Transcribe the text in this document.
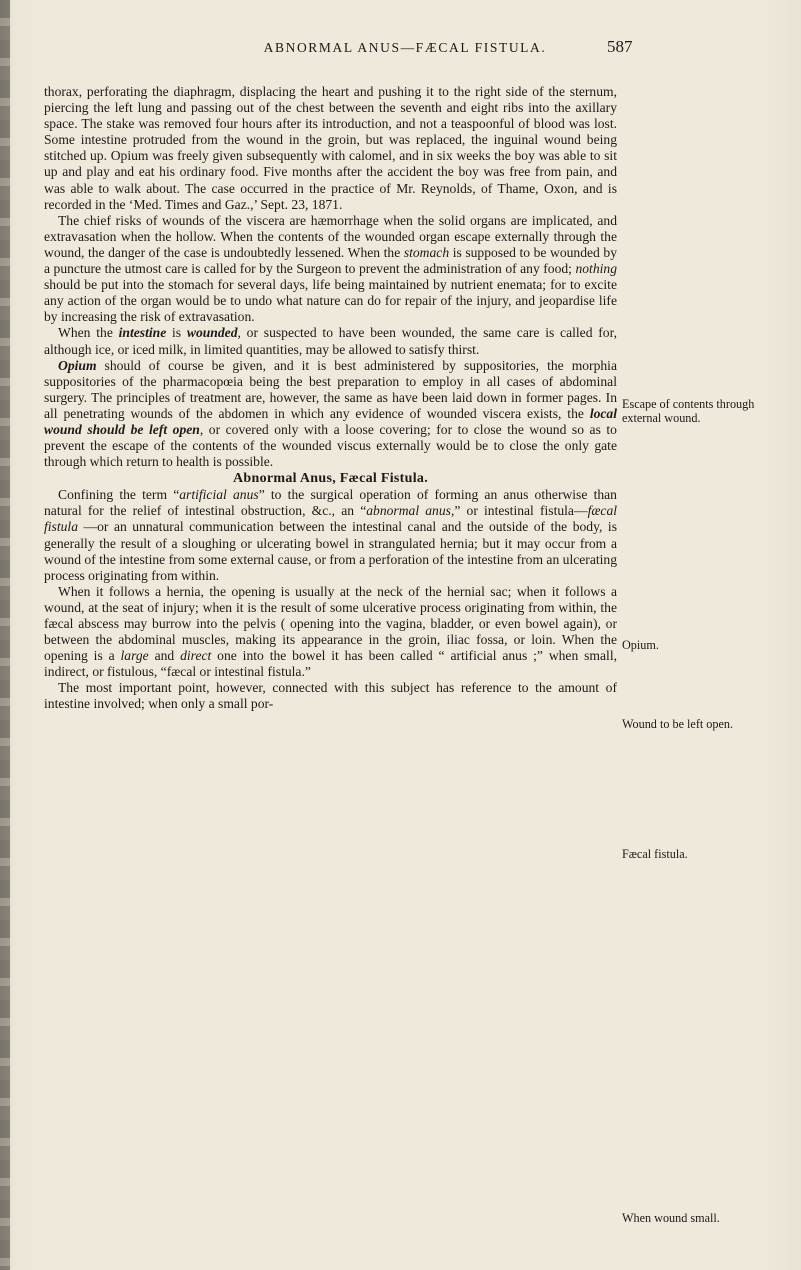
ABNORMAL ANUS—FÆCAL FISTULA.	587

thorax, perforating the diaphragm, displacing the heart and pushing it to the right side of the sternum, piercing the left lung and passing out of the chest between the seventh and eight ribs into the axillary space. The stake was removed four hours after its introduction, and not a teaspoonful of blood was lost. Some intestine protruded from the wound in the groin, but was replaced, the inguinal wound being stitched up. Opium was freely given subsequently with calomel, and in six weeks the boy was able to sit up and play and eat his ordinary food. Five months after the accident the boy was free from pain, and was able to walk about. The case occurred in the practice of Mr. Reynolds, of Thame, Oxon, and is recorded in the ‘Med. Times and Gaz.,’ Sept. 23, 1871.

The chief risks of wounds of the viscera are hæmorrhage when the solid organs are implicated, and extravasation when the hollow. When the contents of the wounded organ escape externally through the wound, the danger of the case is undoubtedly lessened. When the stomach is supposed to be wounded by a puncture the utmost care is called for by the Surgeon to prevent the administration of any food; nothing should be put into the stomach for several days, life being maintained by nutrient enemata; for to excite any action of the organ would be to undo what nature can do for repair of the injury, and jeopardise life by increasing the risk of extravasation.

When the intestine is wounded, or suspected to have been wounded, the same care is called for, although ice, or iced milk, in limited quantities, may be allowed to satisfy thirst.

Opium should of course be given, and it is best administered by suppositories, the morphia suppositories of the pharmacopœia being the best preparation to employ in all cases of abdominal surgery. The principles of treatment are, however, the same as have been laid down in former pages. In all penetrating wounds of the abdomen in which any evidence of wounded viscera exists, the local wound should be left open, or covered only with a loose covering; for to close the wound so as to prevent the escape of the contents of the wounded viscus externally would be to close the only gate through which return to health is possible.

Abnormal Anus, Fæcal Fistula.

Confining the term “artificial anus” to the surgical operation of forming an anus otherwise than natural for the relief of intestinal obstruction, &c., an “abnormal anus,” or intestinal fistula—fæcal fistula —or an unnatural communication between the intestinal canal and the outside of the body, is generally the result of a sloughing or ulcerating bowel in strangulated hernia; but it may occur from a wound of the intestine from some external cause, or from a perforation of the intestine from an ulcerating process originating from within.

When it follows a hernia, the opening is usually at the neck of the hernial sac; when it follows a wound, at the seat of injury; when it is the result of some ulcerative process originating from within, the fæcal abscess may burrow into the pelvis ( opening into the vagina, bladder, or even bowel again), or between the abdominal muscles, making its appearance in the groin, iliac fossa, or loin. When the opening is a large and direct one into the bowel it has been called “ artificial anus ;” when small, indirect, or fistulous, “fæcal or intestinal fistula.”

The most important point, however, connected with this subject has reference to the amount of intestine involved; when only a small por-

Escape of contents through external wound.
Opium.
Wound to be left open.
Fæcal fistula.
When wound small.
